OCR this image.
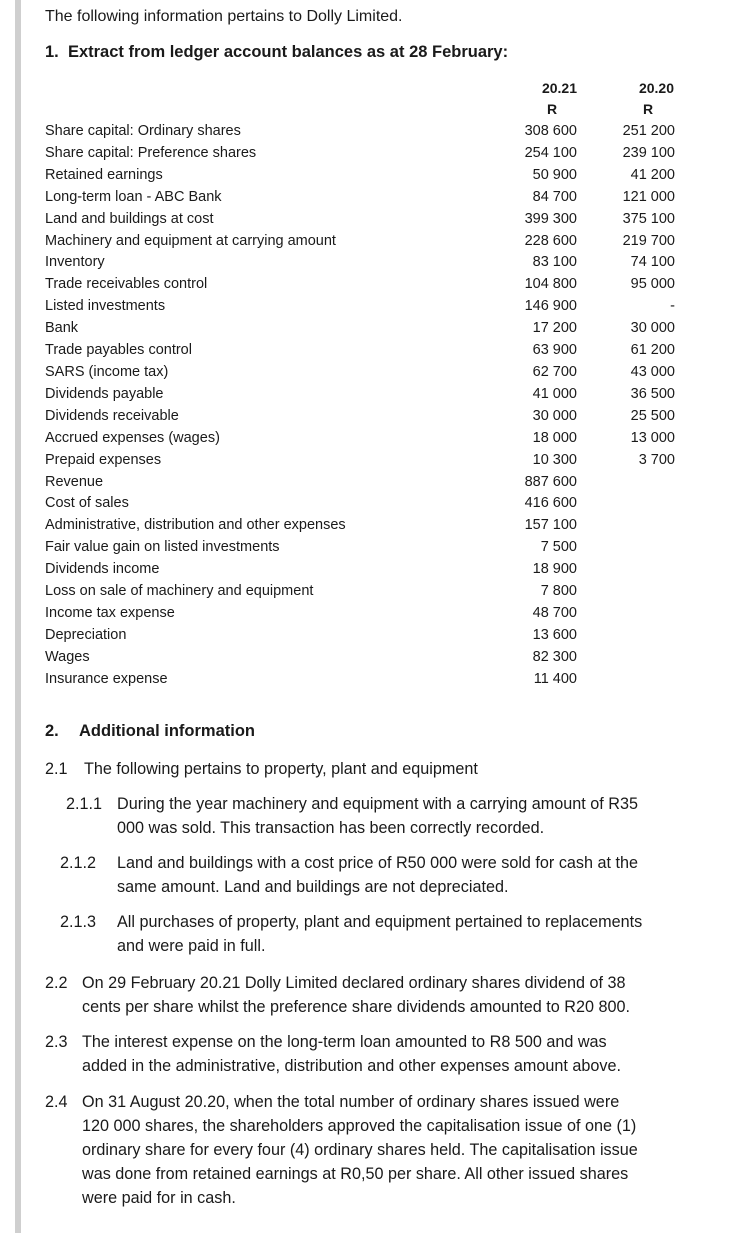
The following information pertains to Dolly Limited.
1. Extract from ledger account balances as at 28 February:
20.21	20.20
R	R
Share capital: Ordinary shares	308 600	251 200
Share capital: Preference shares	254 100	239 100
Retained earnings	50 900	41 200
Long-term loan - ABC Bank	84 700	121 000
Land and buildings at cost	399 300	375 100
Machinery and equipment at carrying amount	228 600	219 700
Inventory	83 100	74 100
Trade receivables control	104 800	95 000
Listed investments	146 900	-
Bank	17 200	30 000
Trade payables control	63 900	61 200
SARS (income tax)	62 700	43 000
Dividends payable	41 000	36 500
Dividends receivable	30 000	25 500
Accrued expenses (wages)	18 000	13 000
Prepaid expenses	10 300	3 700
Revenue	887 600	
Cost of sales	416 600	
Administrative, distribution and other expenses	157 100	
Fair value gain on listed investments	7 500	
Dividends income	18 900	
Loss on sale of machinery and equipment	7 800	
Income tax expense	48 700	
Depreciation	13 600	
Wages	82 300	
Insurance expense	11 400	
2. Additional information
2.1 The following pertains to property, plant and equipment
2.1.1 During the year machinery and equipment with a carrying amount of R35
000 was sold. This transaction has been correctly recorded.
2.1.2 Land and buildings with a cost price of R50 000 were sold for cash at the
same amount. Land and buildings are not depreciated.
2.1.3 All purchases of property, plant and equipment pertained to replacements
and were paid in full.
2.2 On 29 February 20.21 Dolly Limited declared ordinary shares dividend of 38
cents per share whilst the preference share dividends amounted to R20 800.
2.3 The interest expense on the long-term loan amounted to R8 500 and was
added in the administrative, distribution and other expenses amount above.
2.4 On 31 August 20.20, when the total number of ordinary shares issued were
120 000 shares, the shareholders approved the capitalisation issue of one (1)
ordinary share for every four (4) ordinary shares held. The capitalisation issue
was done from retained earnings at R0,50 per share. All other issued shares
were paid for in cash.
